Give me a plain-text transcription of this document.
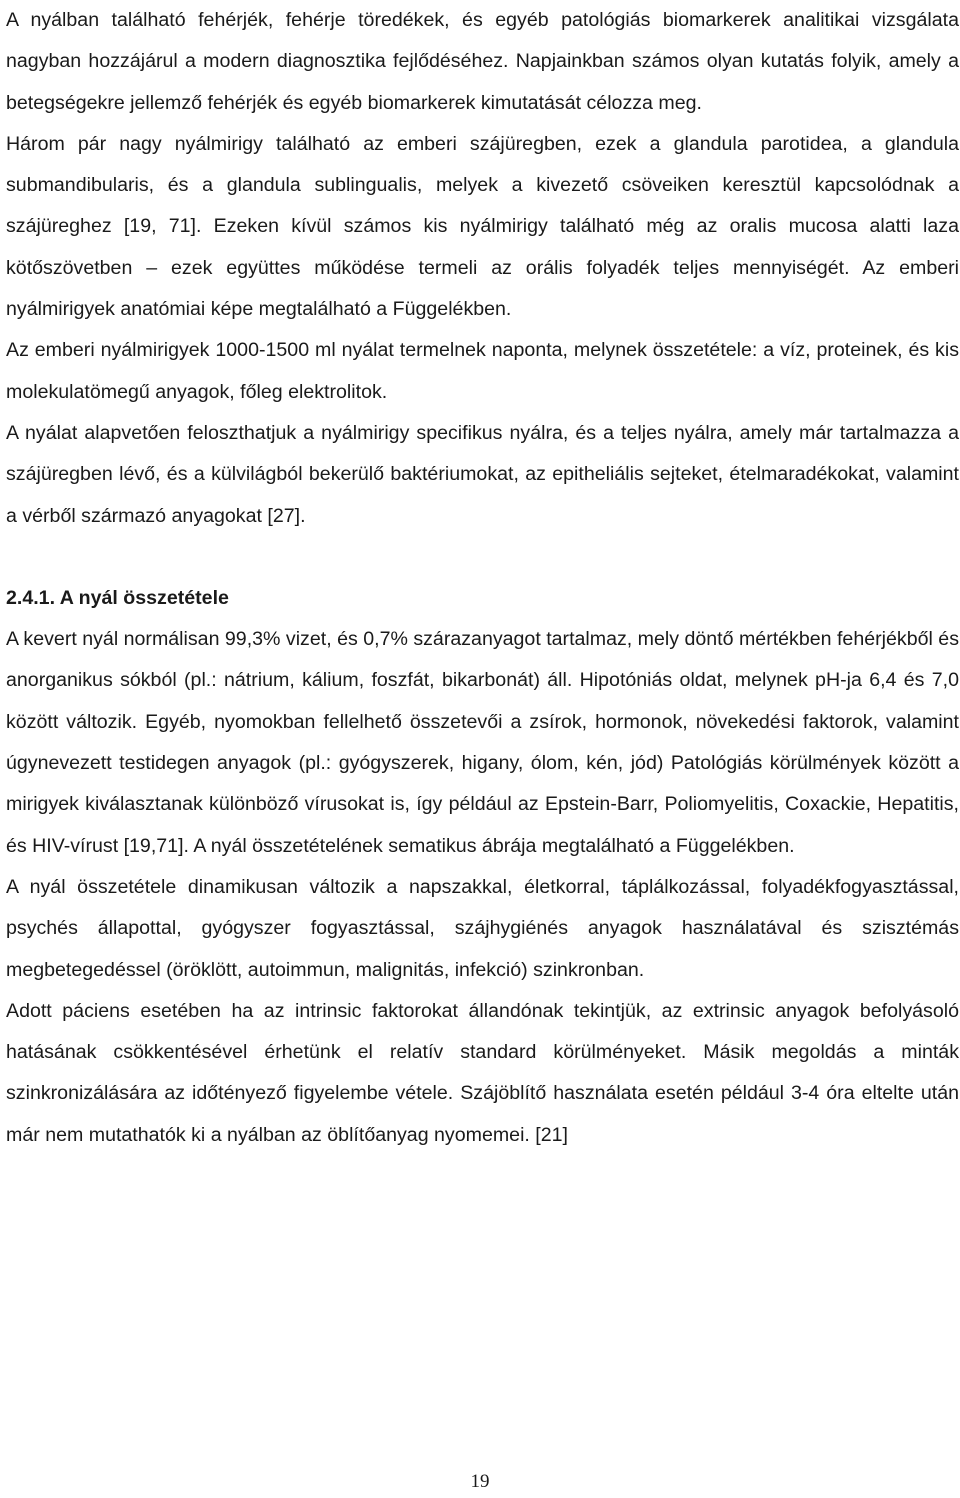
A nyálban található fehérjék, fehérje töredékek, és egyéb patológiás biomarkerek analitikai vizsgálata nagyban hozzájárul a modern diagnosztika fejlődéséhez. Napjainkban számos olyan kutatás folyik, amely a betegségekre jellemző fehérjék és egyéb biomarkerek kimutatását célozza meg.

Három pár nagy nyálmirigy található az emberi szájüregben, ezek a glandula parotidea, a glandula submandibularis, és a glandula sublingualis, melyek a kivezető csöveiken keresztül kapcsolódnak a szájüreghez [19, 71]. Ezeken kívül számos kis nyálmirigy található még az oralis mucosa alatti laza kötőszövetben – ezek együttes működése termeli az orális folyadék teljes mennyiségét. Az emberi nyálmirigyek anatómiai képe megtalálható a Függelékben.

Az emberi nyálmirigyek 1000-1500 ml nyálat termelnek naponta, melynek összetétele: a víz, proteinek, és kis molekulatömegű anyagok, főleg elektrolitok.

A nyálat alapvetően feloszthatjuk a nyálmirigy specifikus nyálra, és a teljes nyálra, amely már tartalmazza a szájüregben lévő, és a külvilágból bekerülő baktériumokat, az epitheliális sejteket, ételmaradékokat, valamint a vérből származó anyagokat [27].

2.4.1. A nyál összetétele

A kevert nyál normálisan 99,3% vizet, és 0,7% szárazanyagot tartalmaz, mely döntő mértékben fehérjékből és anorganikus sókból (pl.: nátrium, kálium, foszfát, bikarbonát) áll. Hipotóniás oldat, melynek pH-ja 6,4 és 7,0 között változik. Egyéb, nyomokban fellelhető összetevői a zsírok, hormonok, növekedési faktorok, valamint úgynevezett testidegen anyagok (pl.: gyógyszerek, higany, ólom, kén, jód) Patológiás körülmények között a mirigyek kiválasztanak különböző vírusokat is, így például az Epstein-Barr, Poliomyelitis, Coxackie, Hepatitis, és HIV-vírust [19,71]. A nyál összetételének sematikus ábrája megtalálható a Függelékben.

A nyál összetétele dinamikusan változik a napszakkal, életkorral, táplálkozással, folyadékfogyasztással, psychés állapottal, gyógyszer fogyasztással, szájhygiénés anyagok használatával és szisztémás megbetegedéssel (öröklött, autoimmun, malignitás, infekció) szinkronban.

Adott páciens esetében ha az intrinsic faktorokat állandónak tekintjük, az extrinsic anyagok befolyásoló hatásának csökkentésével érhetünk el relatív standard körülményeket. Másik megoldás a minták szinkronizálására az időtényező figyelembe vétele. Szájöblítő használata esetén például 3-4 óra eltelte után már nem mutathatók ki a nyálban az öblítőanyag nyomemei. [21]

19
